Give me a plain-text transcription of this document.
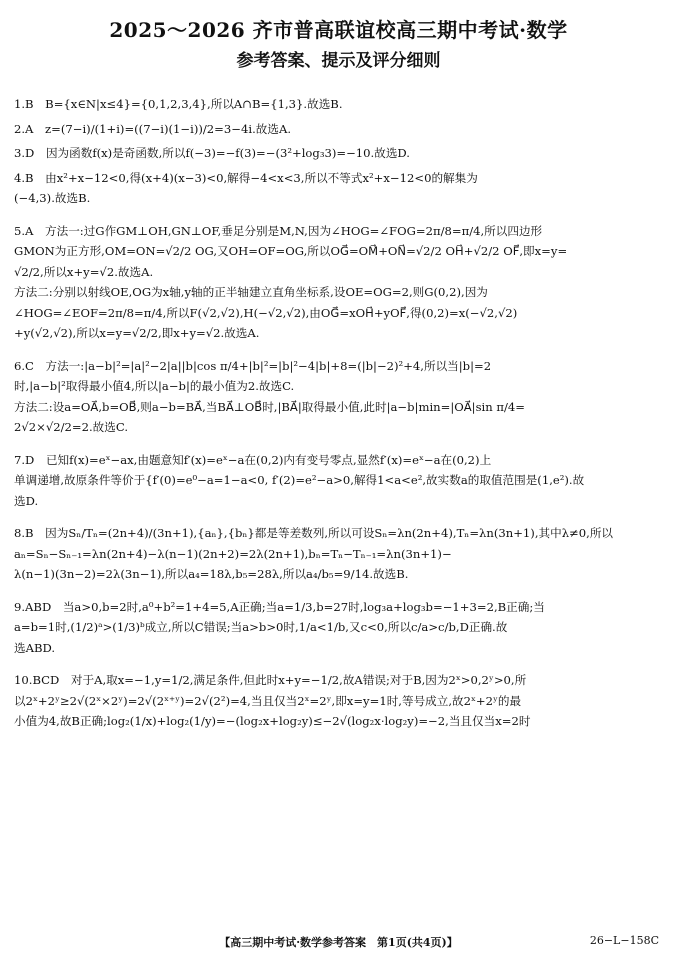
2025～2026 齐市普高联谊校高三期中考试·数学
参考答案、提示及评分细则

1.B　B={x∈N|x≤4}={0,1,2,3,4},所以A∩B={1,3}.故选B.

2.A　z=(7−i)/(1+i)=((7−i)(1−i))/2=3−4i.故选A.

3.D　因为函数f(x)是奇函数,所以f(−3)=−f(3)=−(3²+log₃3)=−10.故选D.

4.B　由x²+x−12<0,得(x+4)(x−3)<0,解得−4<x<3,所以不等式x²+x−12<0的解集为

(−4,3).故选B.

5.A　方法一:过G作GM⊥OH,GN⊥OF,垂足分别是M,N,因为∠HOG=∠FOG=2π/8=π/4,所以四边形

GMON为正方形,OM=ON=√2/2 OG,又OH=OF=OG,所以OG⃗=OM⃗+ON⃗=√2/2 OH⃗+√2/2 OF⃗,即x=y=

√2/2,所以x+y=√2.故选A.

方法二:分别以射线OE,OG为x轴,y轴的正半轴建立直角坐标系,设OE=OG=2,则G(0,2),因为

∠HOG=∠EOF=2π/8=π/4,所以F(√2,√2),H(−√2,√2),由OG⃗=xOH⃗+yOF⃗,得(0,2)=x(−√2,√2)

+y(√2,√2),所以x=y=√2/2,即x+y=√2.故选A.

6.C　方法一:|a−b|²=|a|²−2|a||b|cos π/4+|b|²=|b|²−4|b|+8=(|b|−2)²+4,所以当|b|=2

时,|a−b|²取得最小值4,所以|a−b|的最小值为2.故选C.

方法二:设a=OA⃗,b=OB⃗,则a−b=BA⃗,当BA⃗⊥OB⃗时,|BA⃗|取得最小值,此时|a−b|min=|OA⃗|sin π/4=

2√2×√2/2=2.故选C.

7.D　已知f(x)=eˣ−ax,由题意知f′(x)=eˣ−a在(0,2)内有变号零点,显然f′(x)=eˣ−a在(0,2)上

单调递增,故原条件等价于{f′(0)=e⁰−a=1−a<0, f′(2)=e²−a>0,解得1<a<e²,故实数a的取值范围是(1,e²).故

选D.

8.B　因为Sₙ/Tₙ=(2n+4)/(3n+1),{aₙ},{bₙ}都是等差数列,所以可设Sₙ=λn(2n+4),Tₙ=λn(3n+1),其中λ≠0,所以

aₙ=Sₙ−Sₙ₋₁=λn(2n+4)−λ(n−1)(2n+2)=2λ(2n+1),bₙ=Tₙ−Tₙ₋₁=λn(3n+1)−

λ(n−1)(3n−2)=2λ(3n−1),所以a₄=18λ,b₅=28λ,所以a₄/b₅=9/14.故选B.

9.ABD　当a>0,b=2时,a⁰+b²=1+4=5,A正确;当a=1/3,b=27时,log₃a+log₃b=−1+3=2,B正确;当

a=b=1时,(1/2)ᵃ>(1/3)ᵇ成立,所以C错误;当a>b>0时,1/a<1/b,又c<0,所以c/a>c/b,D正确.故

选ABD.

10.BCD　对于A,取x=−1,y=1/2,满足条件,但此时x+y=−1/2,故A错误;对于B,因为2ˣ>0,2ʸ>0,所

以2ˣ+2ʸ≥2√(2ˣ×2ʸ)=2√(2ˣ⁺ʸ)=2√(2²)=4,当且仅当2ˣ=2ʸ,即x=y=1时,等号成立,故2ˣ+2ʸ的最

小值为4,故B正确;log₂(1/x)+log₂(1/y)=−(log₂x+log₂y)≤−2√(log₂x·log₂y)=−2,当且仅当x=2时

【高三期中考试·数学参考答案　第1页(共4页)】	26−L−158C
